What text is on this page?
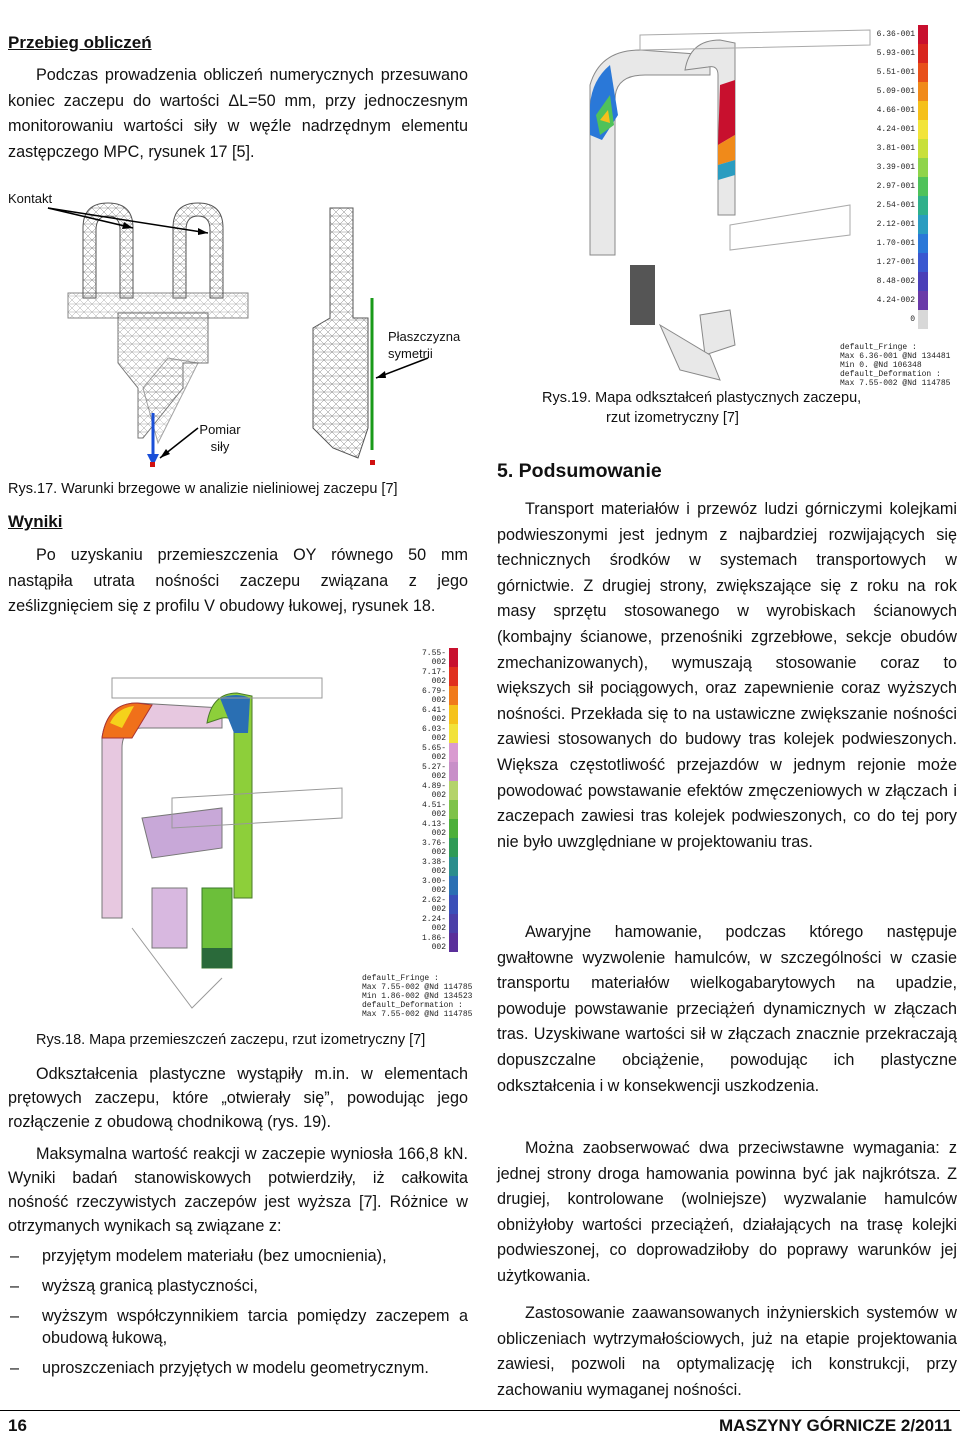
Przebieg obliczeń

Podczas prowadzenia obliczeń numerycznych przesuwano koniec zaczepu do wartości ΔL=50 mm, przy jednoczesnym monitorowaniu wartości siły w węźle nadrzędnym elementu zastępczego MPC, rysunek 17 [5].

Kontakt
Płaszczyzna symetrii
Pomiar siły
Rys.17. Warunki brzegowe w analizie nieliniowej zaczepu [7]
Wyniki

Po uzyskaniu przemieszczenia OY równego 50 mm nastąpiła utrata nośności zaczepu związana z jego ześlizgnięciem się z profilu V obudowy łukowej, rysunek 18.

7.55-002
7.17-002
6.79-002
6.41-002
6.03-002
5.65-002
5.27-002
4.89-002
4.51-002
4.13-002
3.76-002
3.38-002
3.00-002
2.62-002
2.24-002
1.86-002
default_Fringe :
Max 7.55-002 @Nd 114785
Min 1.86-002 @Nd 134523
default_Deformation :
Max 7.55-002 @Nd 114785
Rys.18. Mapa przemieszczeń zaczepu, rzut izometryczny [7]

Odkształcenia plastyczne wystąpiły m.in. w elementach prętowych zaczepu, które „otwierały się”, powodując jego rozłączenie z obudową chodnikową (rys. 19).

Maksymalna wartość reakcji w zaczepie wyniosła 166,8 kN. Wyniki badań stanowiskowych potwierdziły, iż całkowita nośność rzeczywistych zaczepów jest wyższa [7]. Różnice w otrzymanych wynikach są związane z:

– przyjętym modelem materiału (bez umocnienia),
– wyższą granicą plastyczności,
– wyższym współczynnikiem tarcia pomiędzy zaczepem a obudową łukową,
– uproszczeniach przyjętych w modelu geometrycznym.
6.36-001
5.93-001
5.51-001
5.09-001
4.66-001
4.24-001
3.81-001
3.39-001
2.97-001
2.54-001
2.12-001
1.70-001
1.27-001
8.48-002
4.24-002
0
default_Fringe :
Max 6.36-001 @Nd 134481
Min 0. @Nd 106348
default_Deformation :
Max 7.55-002 @Nd 114785
Rys.19. Mapa odkształceń plastycznych zaczepu,
rzut izometryczny [7]
5. Podsumowanie

Transport materiałów i przewóz ludzi górniczymi kolejkami podwieszonymi jest jednym z najbardziej rozwijających się technicznych środków w systemach transportowych w górnictwie. Z drugiej strony, zwiększające się z roku na rok masy sprzętu stosowanego w wyrobiskach ścianowych (kombajny ścianowe, przenośniki zgrzebłowe, sekcje obudów zmechanizowanych), wymuszają stosowanie coraz to większych sił pociągowych, oraz zapewnienie coraz wyższych nośności. Przekłada się to na ustawiczne zwiększanie nośności zawiesi stosowanych do budowy tras kolejek podwieszonych. Większa częstotliwość przejazdów w jednym rejonie może powodować powstawanie efektów zmęczeniowych w złączach i zaczepach zawiesi tras kolejek podwieszonych, co do tej pory nie było uwzględniane w projektowaniu tras.

Awaryjne hamowanie, podczas którego następuje gwałtowne wyzwolenie hamulców, w szczególności w czasie transportu materiałów wielkogabarytowych na upadzie, powoduje powstawanie przeciążeń dynamicznych w złączach tras. Uzyskiwane wartości sił w złączach znacznie przekraczają dopuszczalne obciążenie, powodując ich plastyczne odkształcenia i w konsekwencji uszkodzenia.

Można zaobserwować dwa przeciwstawne wymagania: z jednej strony droga hamowania powinna być jak najkrótsza. Z drugiej, kontrolowane (wolniejsze) wyzwalanie hamulców obniżyłoby wartości przeciążeń, działających na trasę kolejki podwieszonej, co doprowadziłoby do poprawy warunków jej użytkowania.

Zastosowanie zaawansowanych inżynierskich systemów w obliczeniach wytrzymałościowych, już na etapie projektowania zawiesi, pozwoli na optymalizację ich konstrukcji, przy zachowaniu wymaganej nośności.

16	MASZYNY GÓRNICZE 2/2011
